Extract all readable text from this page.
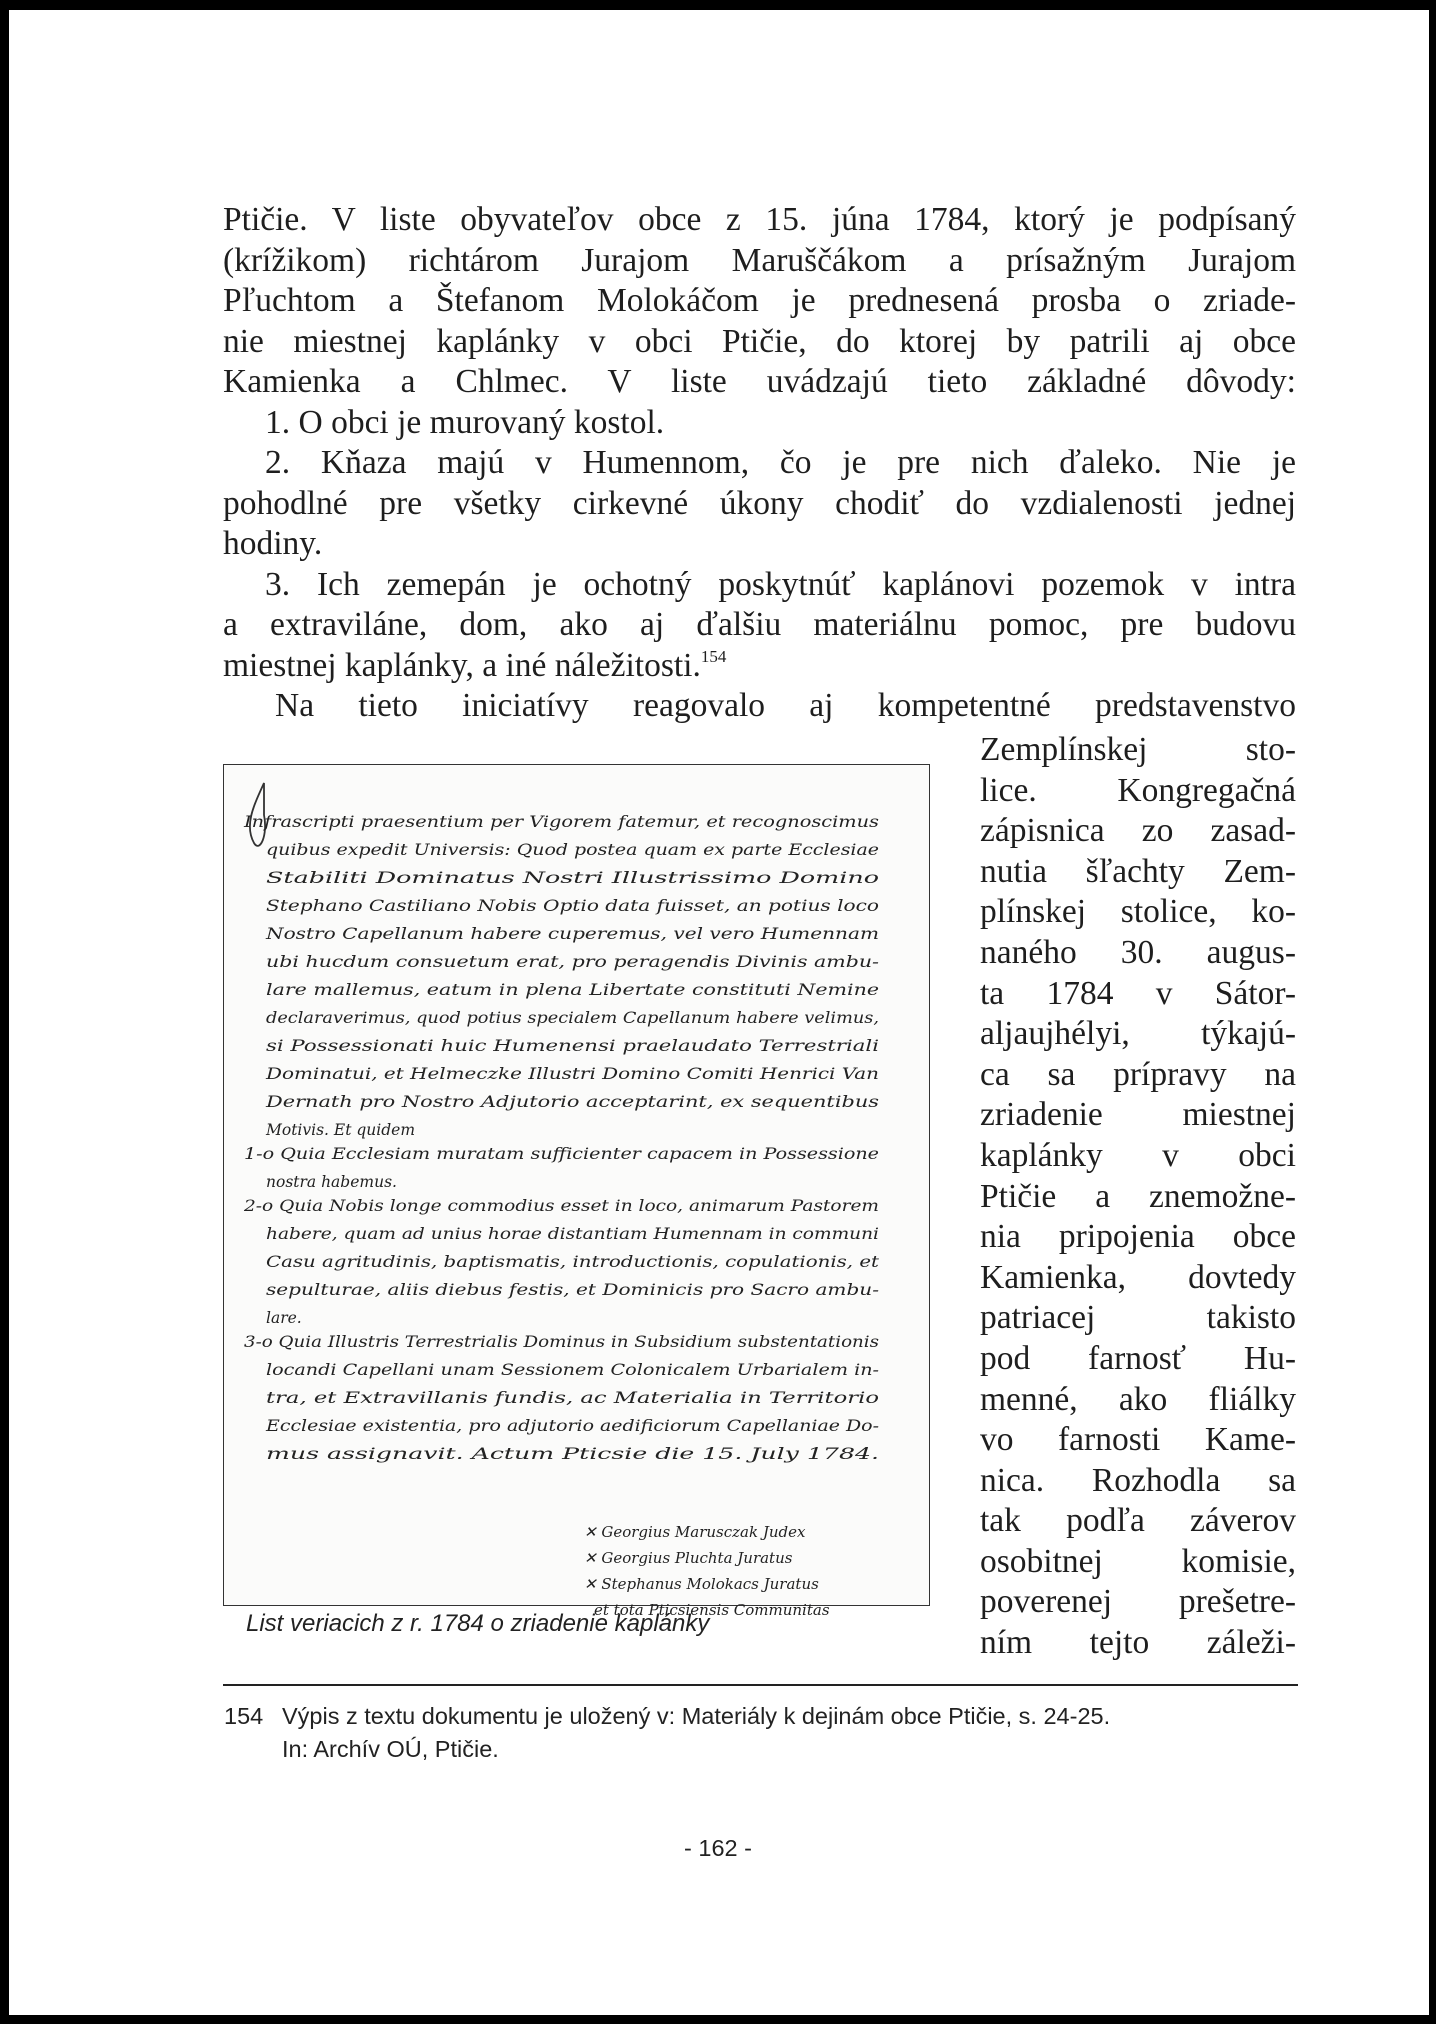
Ptičie. V liste obyvateľov obce z 15. júna 1784, ktorý je podpísaný
(krížikom) richtárom Jurajom Maruščákom a prísažným Jurajom
Pľuchtom a Štefanom Molokáčom je prednesená prosba o zriade-
nie miestnej kaplánky v obci Ptičie, do ktorej by patrili aj obce
Kamienka a Chlmec. V liste uvádzajú tieto základné dôvody:

1. O obci je murovaný kostol.

2. Kňaza majú v Humennom, čo je pre nich ďaleko. Nie je
pohodlné pre všetky cirkevné úkony chodiť do vzdialenosti jednej
hodiny.

3. Ich zemepán je ochotný poskytnúť kaplánovi pozemok v intra
a extraviláne, dom, ako aj ďalšiu materiálnu pomoc, pre budovu
miestnej kaplánky, a iné náležitosti.$^{154}$

Na tieto iniciatívy reagovalo aj kompetentné predstavenstvo

Zemplínskej sto-
lice. Kongregačná
zápisnica zo zasad-
nutia šľachty Zem-
plínskej stolice, ko-
naného 30. augus-
ta 1784 v Sátor-
aljaujhélyi, týkajú-
ca sa prípravy na
zriadenie miestnej
kaplánky v obci
Ptičie a znemožne-
nia pripojenia obce
Kamienka, dovtedy
patriacej takisto
pod farnosť Hu-
menné, ako fliálky
vo farnosti Kame-
nica. Rozhodla sa
tak podľa záverov
osobitnej komisie,
poverenej prešetre-
ním tejto záleži-
Infrascripti praesentium per Vigorem fatemur, et recognoscimus
quibus expedit Universis: Quod postea quam ex parte Ecclesiae
Stabiliti Dominatus Nostri Illustrissimo Domino
Stephano Castiliano Nobis Optio data fuisset, an potius loco
Nostro Capellanum habere cuperemus, vel vero Humennam
ubi hucdum consuetum erat, pro peragendis Divinis ambu-
lare mallemus, eatum in plena Libertate constituti Nemine
declaraverimus, quod potius specialem Capellanum habere velimus,
si Possessionati huic Humenensi praelaudato Terrestriali
Dominatui, et Helmeczke Illustri Domino Comiti Henrici Van
Dernath pro Nostro Adjutorio acceptarint, ex sequentibus
Motivis. Et quidem
1-o Quia Ecclesiam muratam sufficienter capacem in Possessione
nostra habemus.
2-o Quia Nobis longe commodius esset in loco, animarum Pastorem
habere, quam ad unius horae distantiam Humennam in communi
Casu agritudinis, baptismatis, introductionis, copulationis, et
sepulturae, aliis diebus festis, et Dominicis pro Sacro ambu-
lare.
3-o Quia Illustris Terrestrialis Dominus in Subsidium substentationis
locandi Capellani unam Sessionem Colonicalem Urbarialem in-
tra, et Extravillanis fundis, ac Materialia in Territorio
Ecclesiae existentia, pro adjutorio aedificiorum Capellaniae Do-
mus assignavit. Actum Pticsie die 15. July 1784.
✕ Georgius Marusczak Judex
✕ Georgius Pluchta Juratus
✕ Stephanus Molokacs Juratus
et tota Pticsiensis Communitas
List veriacich z r. 1784 o zriadenie kaplánky
154 Výpis z textu dokumentu je uložený v: Materiály k dejinám obce Ptičie, s. 24-25.
In: Archív OÚ, Ptičie.
- 162 -
